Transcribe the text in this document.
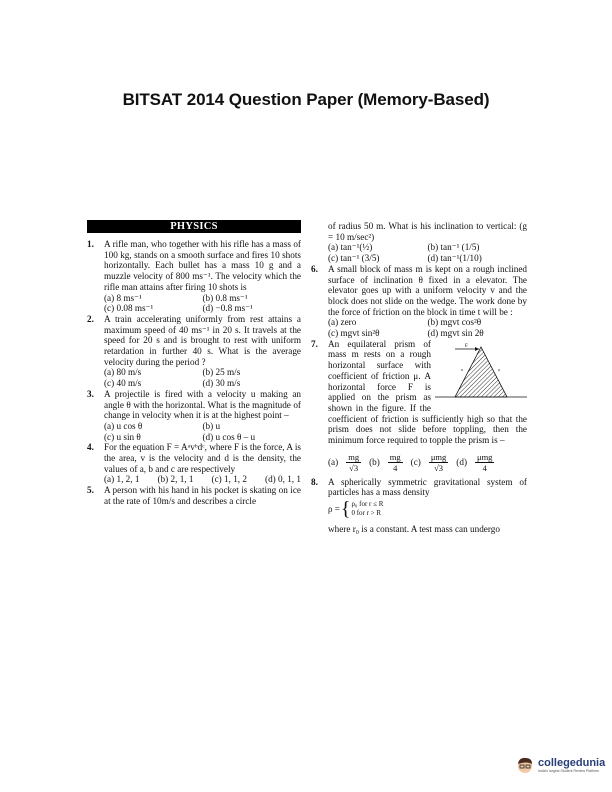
BITSAT 2014 Question Paper (Memory-Based)
PHYSICS
1.	A rifle man, who together with his rifle has a mass of 100 kg, stands on a smooth surface and fires 10 shots horizontally. Each bullet has a mass 10 g and a muzzle velocity of 800 ms⁻¹. The velocity which the rifle man attains after firing 10 shots is
(a) 8 ms⁻¹	(b) 0.8 ms⁻¹
(c) 0.08 ms⁻¹	(d) −0.8 ms⁻¹
2.	A train accelerating uniformly from rest attains a maximum speed of 40 ms⁻¹ in 20 s. It travels at the speed for 20 s and is brought to rest with uniform retardation in further 40 s. What is the average velocity during the period ?
(a) 80 m/s	(b) 25 m/s
(c) 40 m/s	(d) 30 m/s
3.	A projectile is fired with a velocity u making an angle θ with the horizontal. What is the magnitude of change in velocity when it is at the highest point –
(a) u cos θ	(b) u
(c) u sin θ	(d) u cos θ – u
4.	For the equation F = Aᵃvᵇdᶜ, where F is the force, A is the area, v is the velocity and d is the density, the values of a, b and c are respectively
(a) 1, 2, 1 (b) 2, 1, 1 (c) 1, 1, 2 (d) 0, 1, 1
5.	A person with his hand in his pocket is skating on ice at the rate of 10m/s and describes a circle
of radius 50 m. What is his inclination to vertical: (g = 10 m/sec²)
(a) tan⁻¹(½)	(b) tan⁻¹ (1/5)
(c) tan⁻¹ (3/5)	(d) tan⁻¹(1/10)
6.	A small block of mass m is kept on a rough inclined surface of inclination θ fixed in a elevator. The elevator goes up with a uniform velocity v and the block does not slide on the wedge. The work done by the force of friction on the block in time t will be :
(a) zero	(b) mgvt cos²θ
(c) mgvt sin²θ	(d) mgvt sin 2θ
7.	F
a	a
An equilateral prism of mass m rests on a rough horizontal surface with coefficient of friction μ. A horizontal force F is applied on the prism as shown in the figure. If the coefficient of friction is sufficiently high so that the prism does not slide before toppling, then the minimum force required to topple the prism is –
$(a) \frac{mg}{√3} (b) \frac{mg}{4} (c) \frac{\text{μmg}}{√3} (d) \frac{\text{μmg}}{4}$
8.	A spherically symmetric gravitational system of particles has a mass density
ρ = { ρ₀ for r ≤ R
0 for r > R
where r₀ is a constant. A test mass can undergo
collegedunia
India's largest Student Review Platform
